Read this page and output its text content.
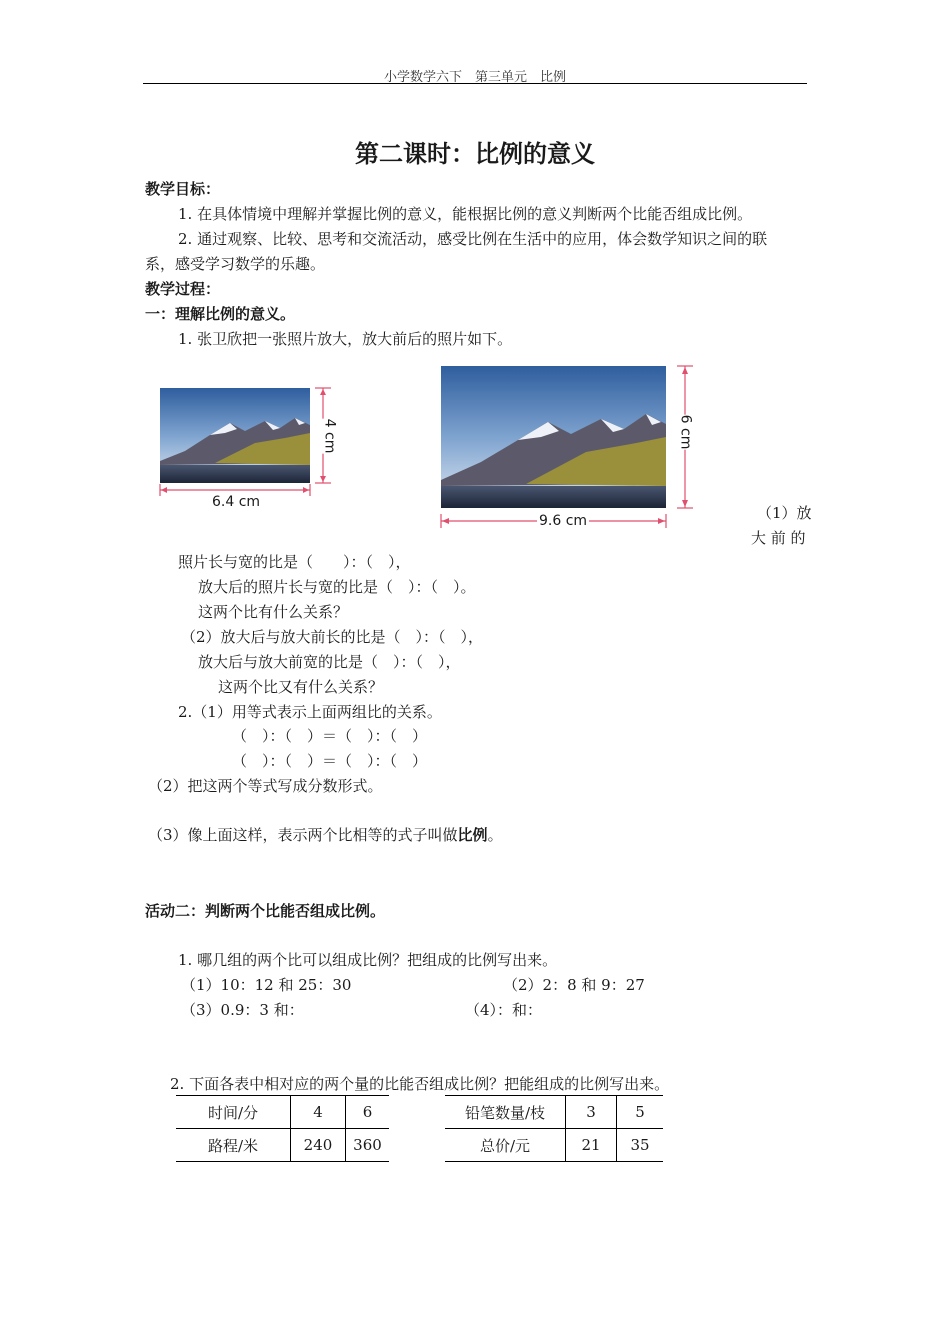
小学数学六下　第三单元　比例
第二课时：比例的意义
教学目标：
1. 在具体情境中理解并掌握比例的意义，能根据比例的意义判断两个比能否组成比例。
2. 通过观察、比较、思考和交流活动，感受比例在生活中的应用，体会数学知识之间的联
系，感受学习数学的乐趣。
教学过程：
一：理解比例的意义。
1. 张卫欣把一张照片放大，放大前后的照片如下。
6.4 cm
4 cm
9.6 cm
6 cm
（1）放
大 前 的
照片长与宽的比是（　　）：（　），
放大后的照片长与宽的比是（　）：（　）。
这两个比有什么关系？
（2）放大后与放大前长的比是（　）：（　），
放大后与放大前宽的比是（　）：（　），
这两个比又有什么关系？
2.（1）用等式表示上面两组比的关系。
（　）：（　）＝（　）：（　）
（　）：（　）＝（　）：（　）
（2）把这两个等式写成分数形式。
（3）像上面这样，表示两个比相等的式子叫做比例。
活动二：判断两个比能否组成比例。
1. 哪几组的两个比可以组成比例？把组成的比例写出来。
（1）10：12 和 25：30	（2）2：8 和 9：27
（3）0.9：3 和：	（4）：和：
2. 下面各表中相对应的两个量的比能否组成比例？把能组成的比例写出来。
时间/分	4	6
路程/米	240	360
铅笔数量/枝	3	5
总价/元	21	35
